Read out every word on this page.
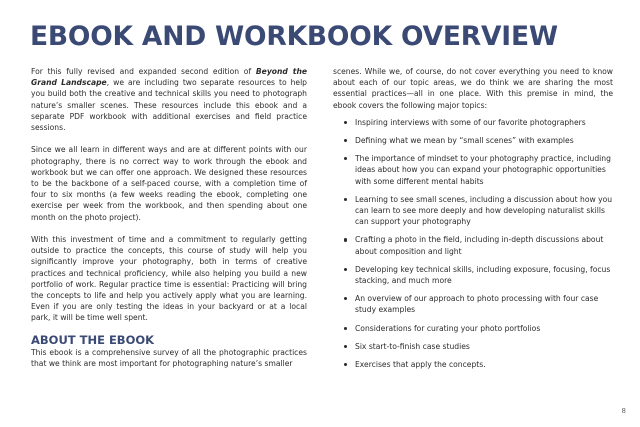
EBOOK AND WORKBOOK OVERVIEW

For this fully revised and expanded second edition of Beyond the Grand Landscape, we are including two separate resources to help you build both the creative and technical skills you need to photograph nature’s smaller scenes. These resources include this ebook and a separate PDF workbook with additional exercises and field practice sessions.

Since we all learn in different ways and are at different points with our photography, there is no correct way to work through the ebook and workbook but we can offer one approach. We designed these resources to be the backbone of a self-paced course, with a completion time of four to six months (a few weeks reading the ebook, completing one exercise per week from the workbook, and then spending about one month on the photo project).

With this investment of time and a commitment to regularly getting outside to practice the concepts, this course of study will help you significantly improve your photography, both in terms of creative practices and technical proficiency, while also helping you build a new portfolio of work. Regular practice time is essential: Practicing will bring the concepts to life and help you actively apply what you are learning. Even if you are only testing the ideas in your backyard or at a local park, it will be time well spent.

ABOUT THE EBOOK

This ebook is a comprehensive survey of all the photographic practices that we think are most important for photographing nature’s smaller

scenes. While we, of course, do not cover everything you need to know about each of our topic areas, we do think we are sharing the most essential practices—all in one place. With this premise in mind, the ebook covers the following major topics:

Inspiring interviews with some of our favorite photographers
Defining what we mean by “small scenes” with examples
The importance of mindset to your photography practice, including ideas about how you can expand your photographic opportunities with some different mental habits
Learning to see small scenes, including a discussion about how you can learn to see more deeply and how developing naturalist skills can support your photography
Crafting a photo in the field, including in-depth discussions about about composition and light
Developing key technical skills, including exposure, focusing, focus stacking, and much more
An overview of our approach to photo processing with four case study examples
Considerations for curating your photo portfolios
Six start-to-finish case studies
Exercises that apply the concepts.
8
